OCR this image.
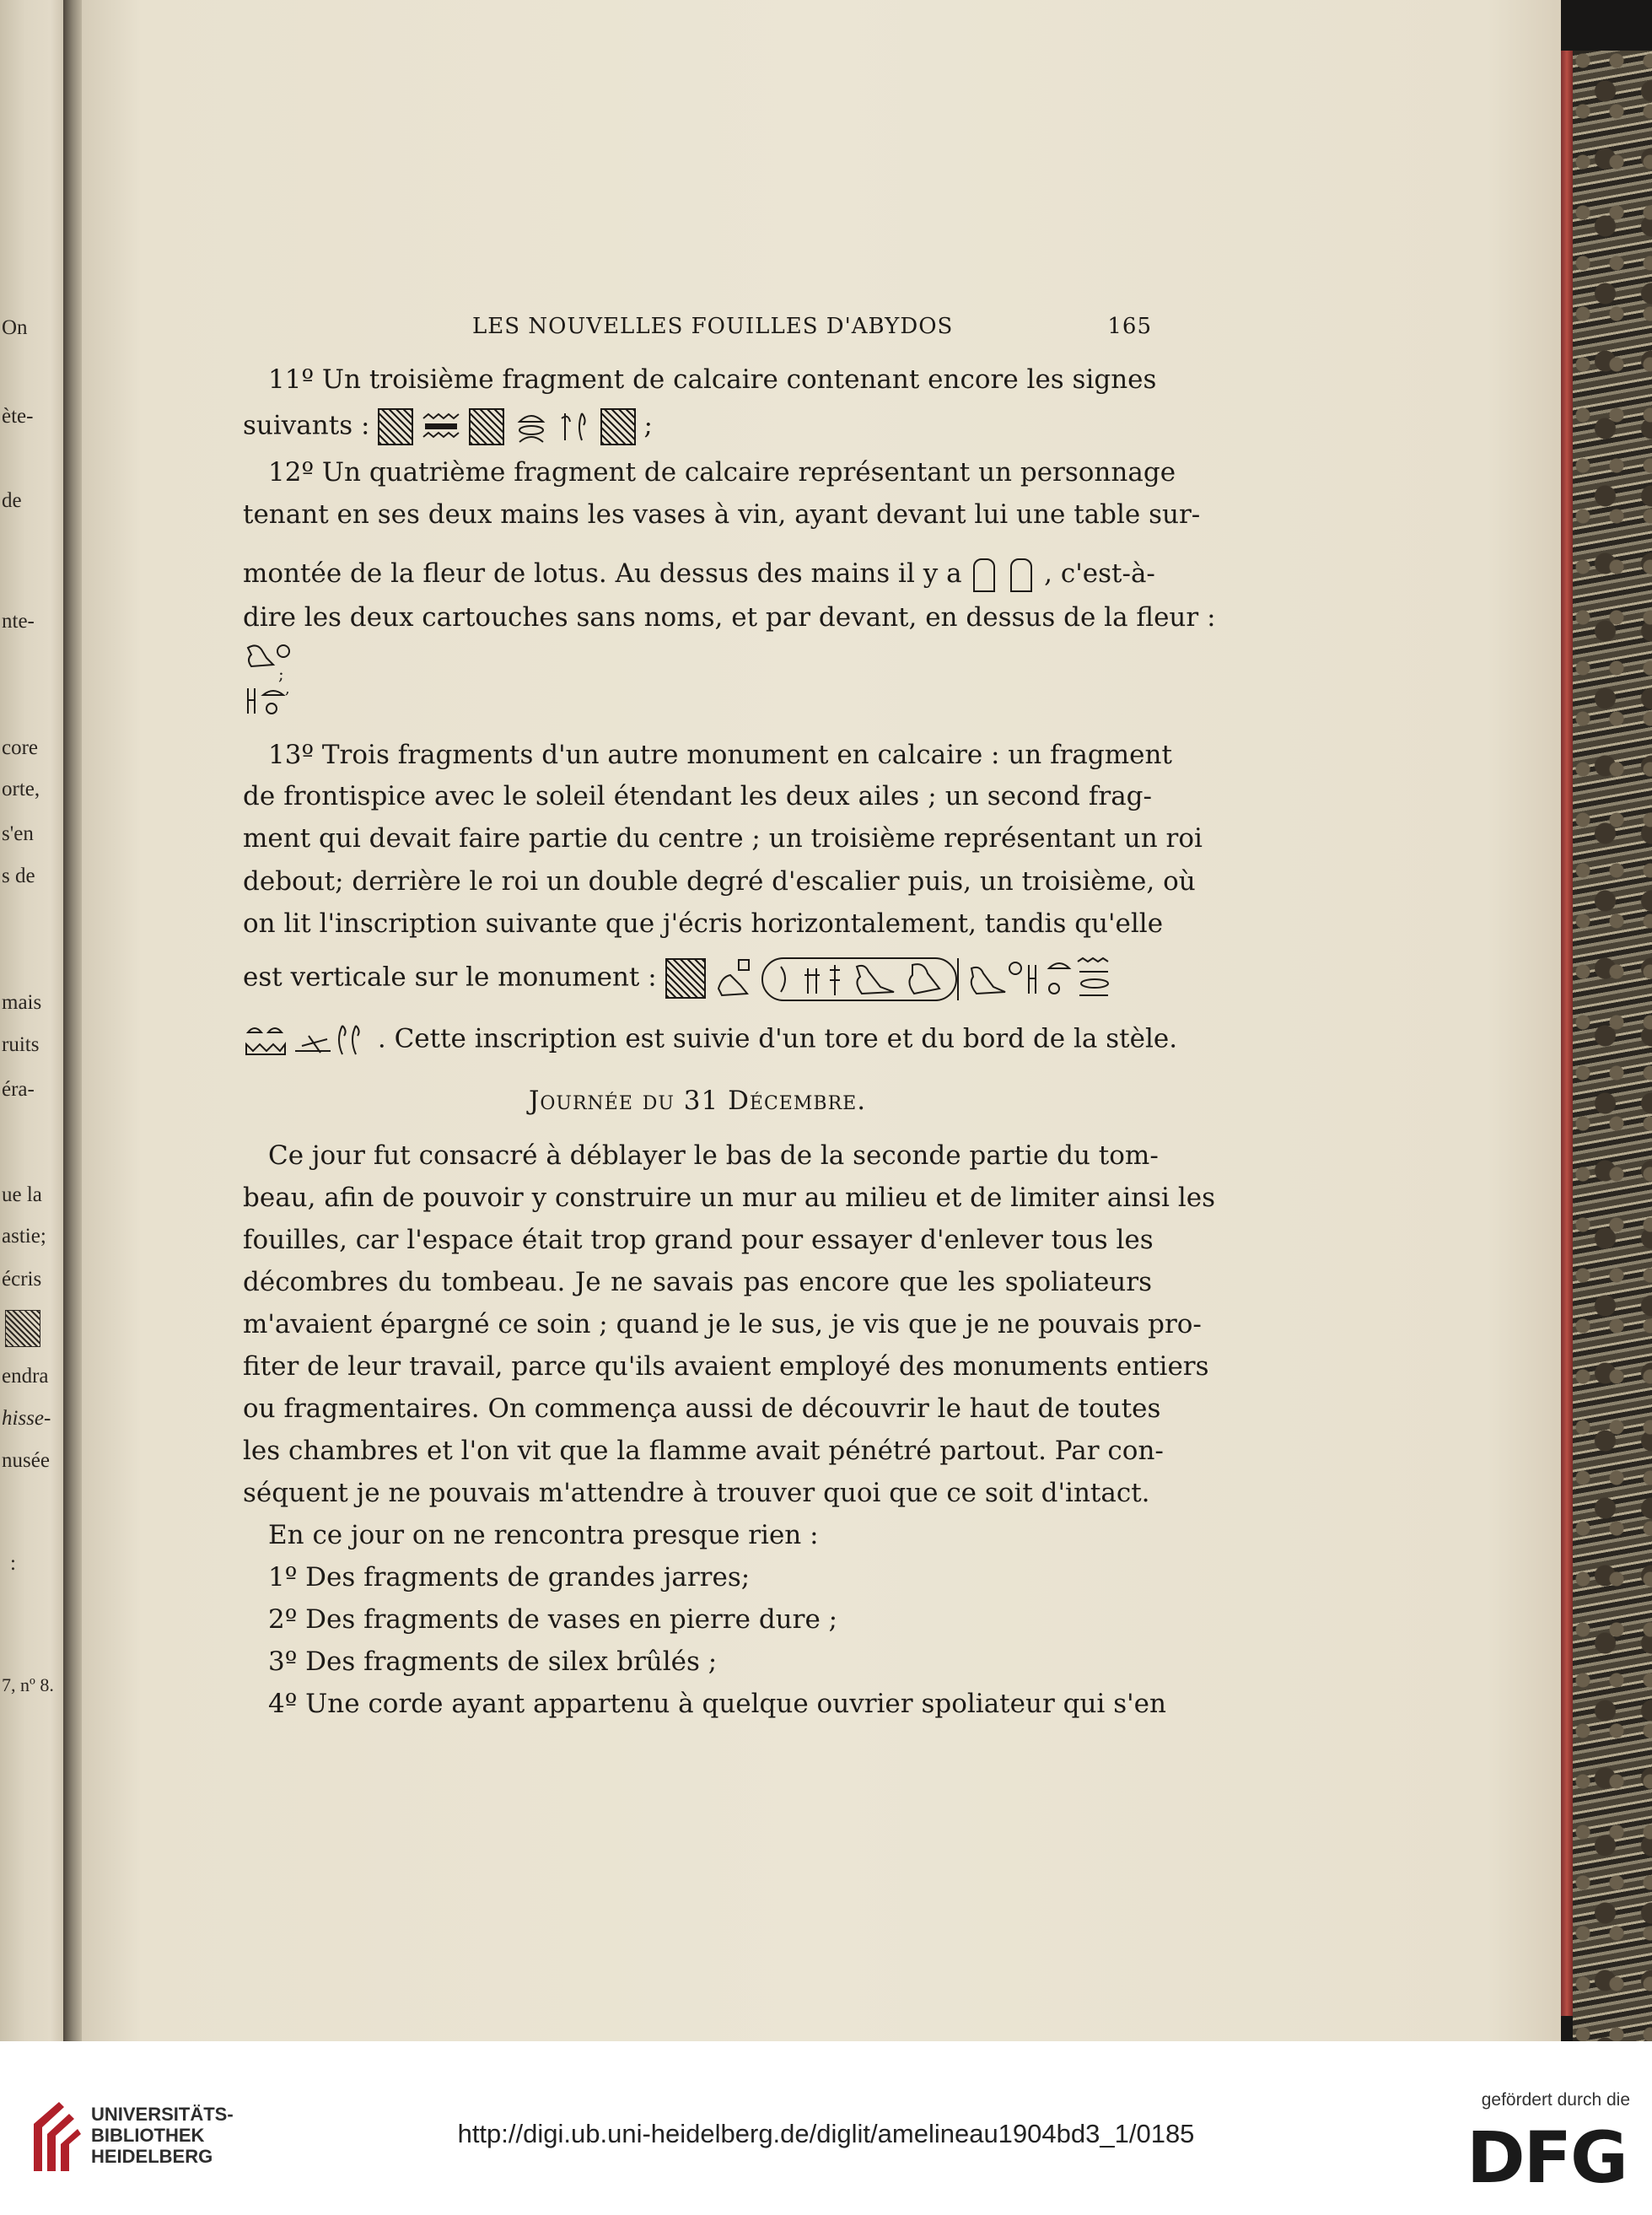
On
ète-
de
nte-
core
orte,
s'en
s de
mais
ruits
éra-
ue la
astie;
écris
endra
hisse-
nusée
:
7, nº 8.
LES NOUVELLES FOUILLES D'ABYDOS	165
11º Un troisième fragment de calcaire contenant encore les signes
suivants :	;
12º Un quatrième fragment de calcaire représentant un personnage
tenant en ses deux mains les vases à vin, ayant devant lui une table sur-
montée de la fleur de lotus. Au dessus des mains il y a	, c'est-à-
dire les deux cartouches sans noms, et par devant, en dessus de la fleur :
;
,
13º Trois fragments d'un autre monument en calcaire : un fragment
de frontispice avec le soleil étendant les deux ailes ; un second frag-
ment qui devait faire partie du centre ; un troisième représentant un roi
debout; derrière le roi un double degré d'escalier puis, un troisième, où
on lit l'inscription suivante que j'écris horizontalement, tandis qu'elle
est verticale sur le monument :
. Cette inscription est suivie d'un tore et du bord de la stèle.
Journée du 31 Décembre.
Ce jour fut consacré à déblayer le bas de la seconde partie du tom-
beau, afin de pouvoir y construire un mur au milieu et de limiter ainsi les
fouilles, car l'espace était trop grand pour essayer d'enlever tous les
décombres du tombeau. Je ne savais pas encore que les spoliateurs
m'avaient épargné ce soin ; quand je le sus, je vis que je ne pouvais pro-
fiter de leur travail, parce qu'ils avaient employé des monuments entiers
ou fragmentaires. On commença aussi de découvrir le haut de toutes
les chambres et l'on vit que la flamme avait pénétré partout. Par con-
séquent je ne pouvais m'attendre à trouver quoi que ce soit d'intact.
En ce jour on ne rencontra presque rien :
1º Des fragments de grandes jarres;
2º Des fragments de vases en pierre dure ;
3º Des fragments de silex brûlés ;
4º Une corde ayant appartenu à quelque ouvrier spoliateur qui s'en
UNIVERSITÄTS-
BIBLIOTHEK
HEIDELBERG
http://digi.ub.uni-heidelberg.de/diglit/amelineau1904bd3_1/0185
gefördert durch die
DFG
